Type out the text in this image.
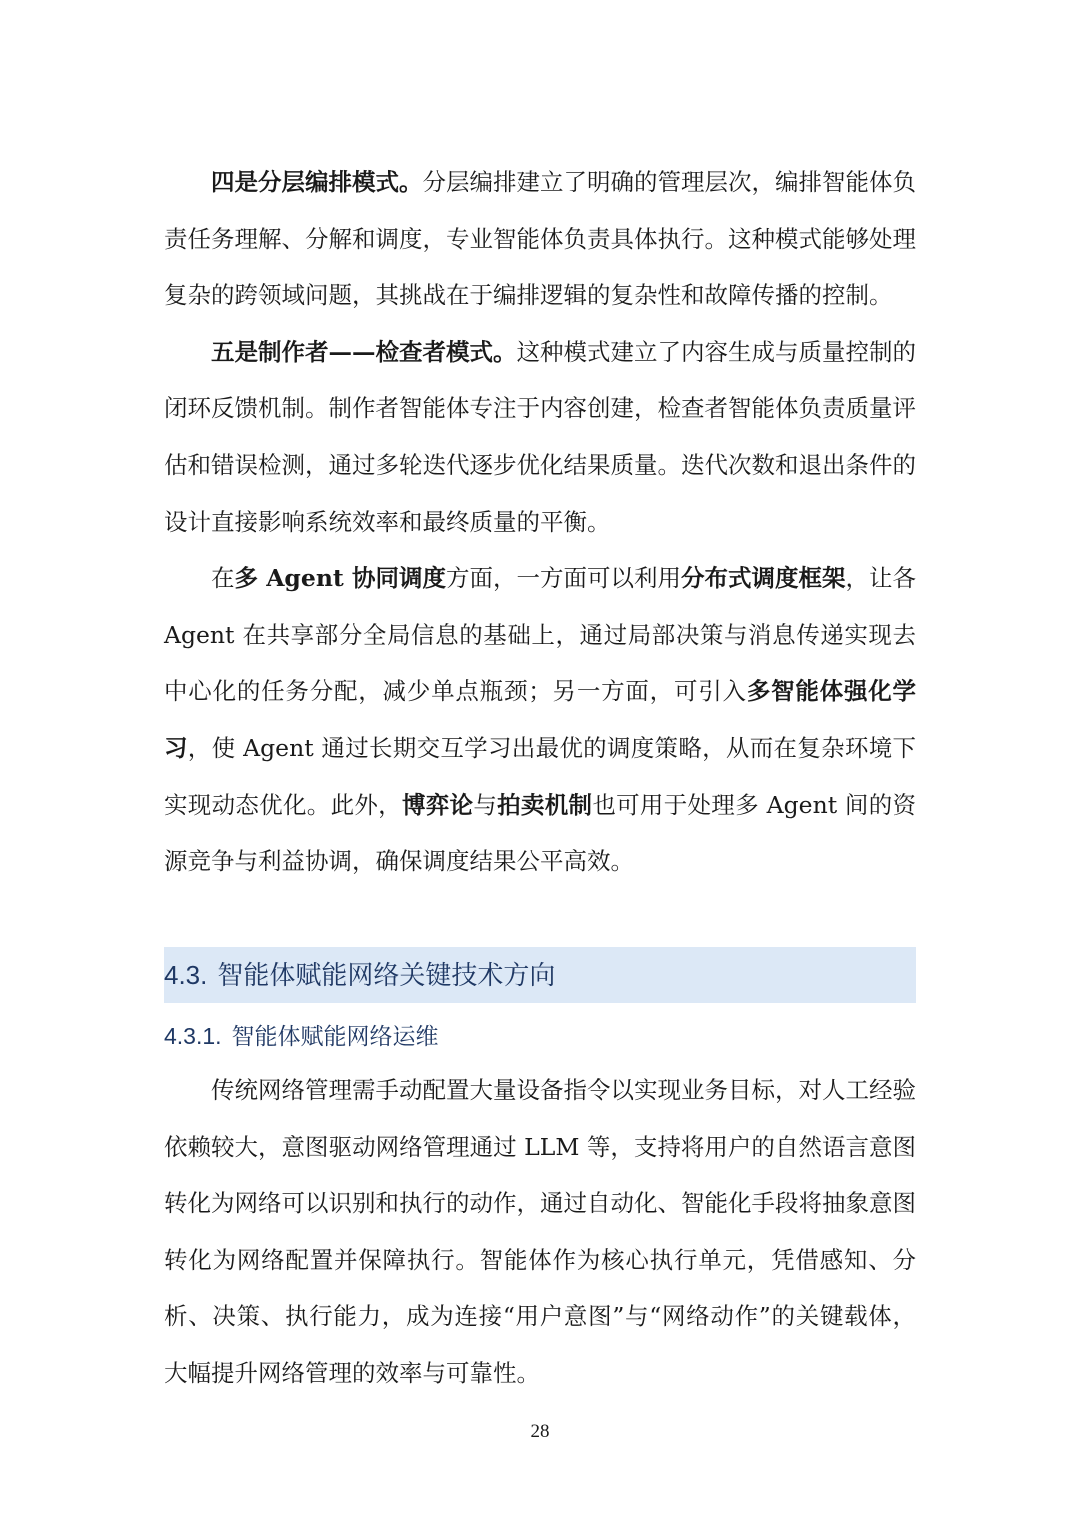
四是分层编排模式。分层编排建立了明确的管理层次，编排智能体负责任务理解、分解和调度，专业智能体负责具体执行。这种模式能够处理复杂的跨领域问题，其挑战在于编排逻辑的复杂性和故障传播的控制。

五是制作者——检查者模式。这种模式建立了内容生成与质量控制的闭环反馈机制。制作者智能体专注于内容创建，检查者智能体负责质量评估和错误检测，通过多轮迭代逐步优化结果质量。迭代次数和退出条件的设计直接影响系统效率和最终质量的平衡。

在多 Agent 协同调度方面，一方面可以利用分布式调度框架，让各 Agent 在共享部分全局信息的基础上，通过局部决策与消息传递实现去中心化的任务分配，减少单点瓶颈；另一方面，可引入多智能体强化学习，使 Agent 通过长期交互学习出最优的调度策略，从而在复杂环境下实现动态优化。此外，博弈论与拍卖机制也可用于处理多 Agent 间的资源竞争与利益协调，确保调度结果公平高效。

4.3. 智能体赋能网络关键技术方向
4.3.1. 智能体赋能网络运维

传统网络管理需手动配置大量设备指令以实现业务目标，对人工经验依赖较大，意图驱动网络管理通过 LLM 等，支持将用户的自然语言意图转化为网络可以识别和执行的动作，通过自动化、智能化手段将抽象意图转化为网络配置并保障执行。智能体作为核心执行单元，凭借感知、分析、决策、执行能力，成为连接“用户意图”与“网络动作”的关键载体，大幅提升网络管理的效率与可靠性。

28
